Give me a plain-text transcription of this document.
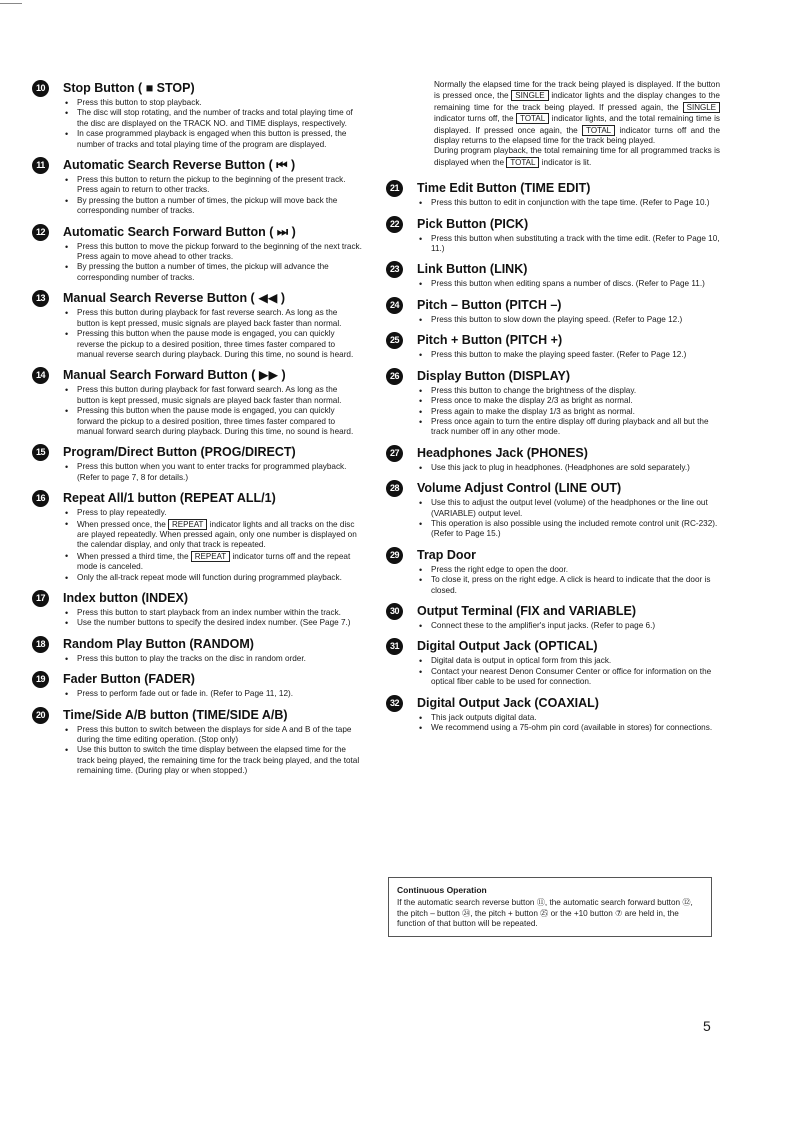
10	Stop Button ( ■ STOP)
• Press this button to stop playback.
• The disc will stop rotating, and the number of tracks and total playing time of the disc are displayed on the TRACK NO. and TIME displays, respectively.
• In case programmed playback is engaged when this button is pressed, the number of tracks and total playing time of the program are displayed.
11	Automatic Search Reverse Button ( ⏮ )
• Press this button to return the pickup to the beginning of the present track. Press again to return to other tracks.
• By pressing the button a number of times, the pickup will move back the corresponding number of tracks.
12	Automatic Search Forward Button ( ⏭ )
• Press this button to move the pickup forward to the beginning of the next track. Press again to move ahead to other tracks.
• By pressing the button a number of times, the pickup will advance the corresponding number of tracks.
13	Manual Search Reverse Button ( ◀◀ )
• Press this button during playback for fast reverse search. As long as the button is kept pressed, music signals are played back faster than normal.
• Pressing this button when the pause mode is engaged, you can quickly reverse the pickup to a desired position, three times faster compared to manual reverse search during playback. During this time, no sound is heard.
14	Manual Search Forward Button ( ▶▶ )
• Press this button during playback for fast forward search. As long as the button is kept pressed, music signals are played back faster than normal.
• Pressing this button when the pause mode is engaged, you can quickly forward the pickup to a desired position, three times faster compared to manual forward search during playback. During this time, no sound is heard.
15	Program/Direct Button (PROG/DIRECT)
• Press this button when you want to enter tracks for programmed playback. (Refer to page 7, 8 for details.)
16	Repeat All/1 button (REPEAT ALL/1)
• Press to play repeatedly.
• When pressed once, the REPEAT indicator lights and all tracks on the disc are played repeatedly. When pressed again, only one number is displayed on the calendar display, and only that track is repeated.
• When pressed a third time, the REPEAT indicator turns off and the repeat mode is canceled.
• Only the all-track repeat mode will function during programmed playback.
17	Index button (INDEX)
• Press this button to start playback from an index number within the track.
• Use the number buttons to specify the desired index number. (See Page 7.)
18	Random Play Button (RANDOM)
• Press this button to play the tracks on the disc in random order.
19	Fader Button (FADER)
• Press to perform fade out or fade in. (Refer to Page 11, 12).
20	Time/Side A/B button (TIME/SIDE A/B)
• Press this button to switch between the displays for side A and B of the tape during the time editing operation. (Stop only)
• Use this button to switch the time display between the elapsed time for the track being played, the remaining time for the track being played, and the total remaining time. (During play or when stopped.)

Normally the elapsed time for the track being played is displayed. If the button is pressed once, the SINGLE indicator lights and the display changes to the remaining time for the track being played. If pressed again, the SINGLE indicator turns off, the TOTAL indicator lights, and the total remaining time is displayed. If pressed once again, the TOTAL indicator turns off and the display returns to the elapsed time for the track being played.

During program playback, the total remaining time for all programmed tracks is displayed when the TOTAL indicator is lit.

21	Time Edit Button (TIME EDIT)
• Press this button to edit in conjunction with the tape time. (Refer to Page 10.)
22	Pick Button (PICK)
• Press this button when substituting a track with the time edit. (Refer to Page 10, 11.)
23	Link Button (LINK)
• Press this button when editing spans a number of discs. (Refer to Page 11.)
24	Pitch – Button (PITCH –)
• Press this button to slow down the playing speed. (Refer to Page 12.)
25	Pitch + Button (PITCH +)
• Press this button to make the playing speed faster. (Refer to Page 12.)
26	Display Button (DISPLAY)
• Press this button to change the brightness of the display.
• Press once to make the display 2/3 as bright as normal.
• Press again to make the display 1/3 as bright as normal.
• Press once again to turn the entire display off during playback and all but the track number off in any other mode.
27	Headphones Jack (PHONES)
• Use this jack to plug in headphones. (Headphones are sold separately.)
28	Volume Adjust Control (LINE OUT)
• Use this to adjust the output level (volume) of the headphones or the line out (VARIABLE) output level.
• This operation is also possible using the included remote control unit (RC-232). (Refer to Page 15.)
29	Trap Door
• Press the right edge to open the door.
• To close it, press on the right edge. A click is heard to indicate that the door is closed.
30	Output Terminal (FIX and VARIABLE)
• Connect these to the amplifier's input jacks. (Refer to page 6.)
31	Digital Output Jack (OPTICAL)
• Digital data is output in optical form from this jack.
• Contact your nearest Denon Consumer Center or office for information on the optical fiber cable to be used for connection.
32	Digital Output Jack (COAXIAL)
• This jack outputs digital data.
• We recommend using a 75-ohm pin cord (available in stores) for connections.
Continuous Operation

If the automatic search reverse button ⑪, the automatic search forward button ⑫, the pitch – button ㉔, the pitch + button ㉕ or the +10 button ⑦ are held in, the function of that button will be repeated.

5
